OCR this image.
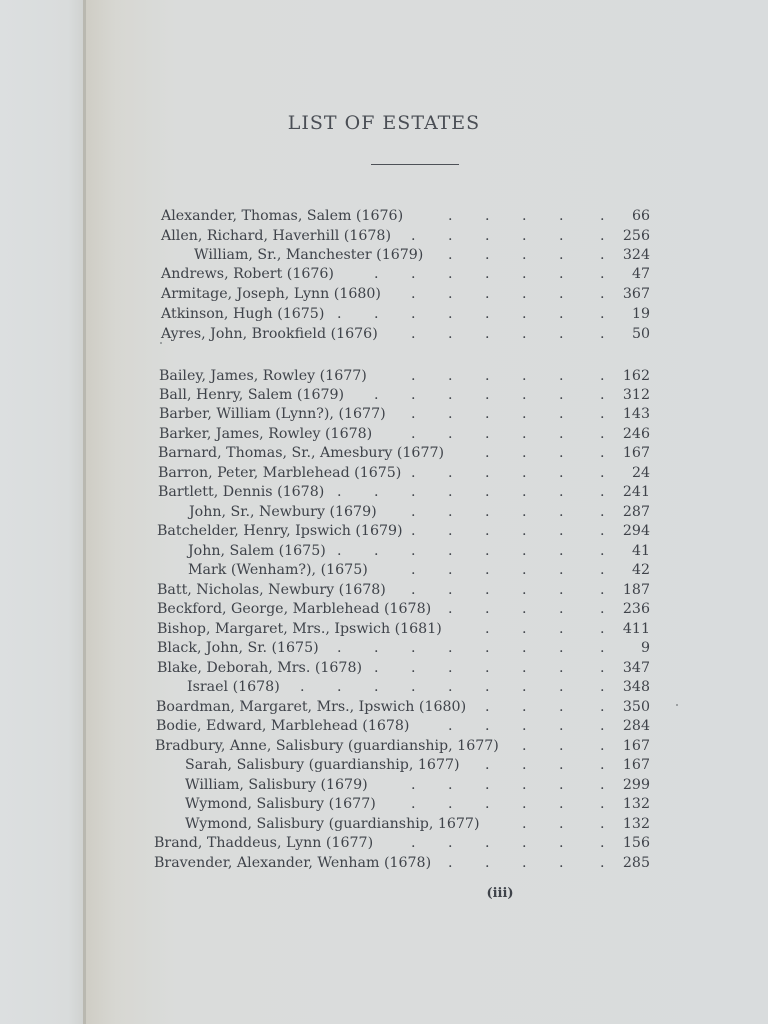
LIST OF ESTATES
Alexander, Thomas, Salem (1676)	66
. . . .	.
Allen, Richard, Haverhill (1678)	256
. . . . .	.
William, Sr., Manchester (1679)	324
. . . .	.
Andrews, Robert (1676)	47
. . . . . .	.
Armitage, Joseph, Lynn (1680)	367
. . . . .	.
Atkinson, Hugh (1675)	19
. . . . . . .	.
Ayres, John, Brookfield (1676)	50
. . . . .	.
Bailey, James, Rowley (1677)	162
. . . . .	.
Ball, Henry, Salem (1679)	312
. . . . . .	.
Barber, William (Lynn?), (1677)	143
. . . . .	.
Barker, James, Rowley (1678)	246
. . . . .	.
Barnard, Thomas, Sr., Amesbury (1677)	167
. . .	.
Barron, Peter, Marblehead (1675)	24
. . . . .	.
Bartlett, Dennis (1678)	241
. . . . . . .	.
John, Sr., Newbury (1679)	287
. . . . .	.
Batchelder, Henry, Ipswich (1679)	294
. . . . .	.
John, Salem (1675)	41
. . . . . . .	.
Mark (Wenham?), (1675)	42
. . . . .	.
Batt, Nicholas, Newbury (1678)	187
. . . . .	.
Beckford, George, Marblehead (1678)	236
. . . .	.
Bishop, Margaret, Mrs., Ipswich (1681)	411
. . .	.
Black, John, Sr. (1675)	9
. . . . . . .	.
Blake, Deborah, Mrs. (1678)	347
. . . . . .	.
Israel (1678)	348
. . . . . . . .	.
Boardman, Margaret, Mrs., Ipswich (1680)	350
. . .	.
Bodie, Edward, Marblehead (1678)	284
. . . .	.
Bradbury, Anne, Salisbury (guardianship, 1677)	167
. .	.
Sarah, Salisbury (guardianship, 1677)	167
. . .	.
William, Salisbury (1679)	299
. . . . .	.
Wymond, Salisbury (1677)	132
. . . . .	.
Wymond, Salisbury (guardianship, 1677)	132
. .	.
Brand, Thaddeus, Lynn (1677)	156
. . . . .	.
Bravender, Alexander, Wenham (1678)	285
. . . .	.
(iii)
